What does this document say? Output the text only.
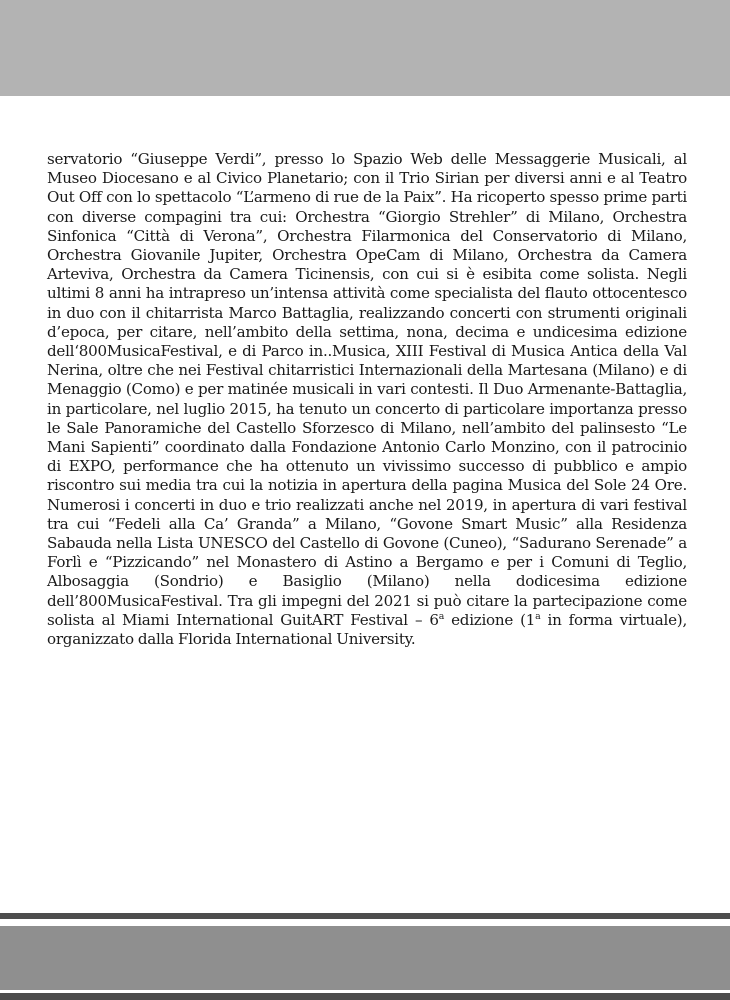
servatorio “Giuseppe Verdi”, presso lo Spazio Web delle Messaggerie Musicali, al Museo Diocesano e al Civico Planetario; con il Trio Sirian per diversi anni e al Teatro Out Off con lo spettacolo “L’armeno di rue de la Paix”. Ha ricoperto spesso prime parti con diverse compagini tra cui: Orchestra “Giorgio Strehler” di Milano, Orchestra Sinfonica “Città di Verona”, Orchestra Filarmonica del Conservatorio di Milano, Orchestra Giovanile Jupiter, Orchestra OpeCam di Milano, Orchestra da Camera Arteviva, Orchestra da Camera Ticinensis, con cui si è esibita come solista. Negli ultimi 8 anni ha intrapreso un’intensa attività come specialista del flauto ottocentesco in duo con il chitarrista Marco Battaglia, realizzando concerti con strumenti originali d’epoca, per citare, nell’ambito della settima, nona, decima e undicesima edizione dell‘800MusicaFestival, e di Parco in..Musica, XIII Festival di Musica Antica della Val Nerina, oltre che nei Festival chitarristici Internazionali della Martesana (Milano) e di Menaggio (Como) e per matinée musicali in vari contesti. Il Duo Armenante-Battaglia, in particolare, nel luglio 2015, ha tenuto un concerto di particolare importanza presso le Sale Panoramiche del Castello Sforzesco di Milano, nell’ambito del palinsesto “Le Mani Sapienti” coordinato dalla Fondazione Antonio Carlo Monzino, con il patrocinio di EXPO, performance che ha ottenuto un vivissimo successo di pubblico e ampio riscontro sui media tra cui la notizia in apertura della pagina Musica del Sole 24 Ore. Numerosi i concerti in duo e trio realizzati anche nel 2019, in apertura di vari festival tra cui “Fedeli alla Ca’ Granda” a Milano, “Govone Smart Music” alla Residenza Sabauda nella Lista UNESCO del Castello di Govone (Cuneo), “Sadurano Serenade” a Forlì e “Pizzicando” nel Monastero di Astino a Bergamo e per i Comuni di Teglio, Albosaggia (Sondrio) e Basiglio (Milano) nella dodicesima edizione dell’800MusicaFestival. Tra gli impegni del 2021 si può citare la partecipazione come solista al Miami International GuitART Festival – 6$^a$ edizione (1$^a$ in forma virtuale), organizzato dalla Florida International University.
